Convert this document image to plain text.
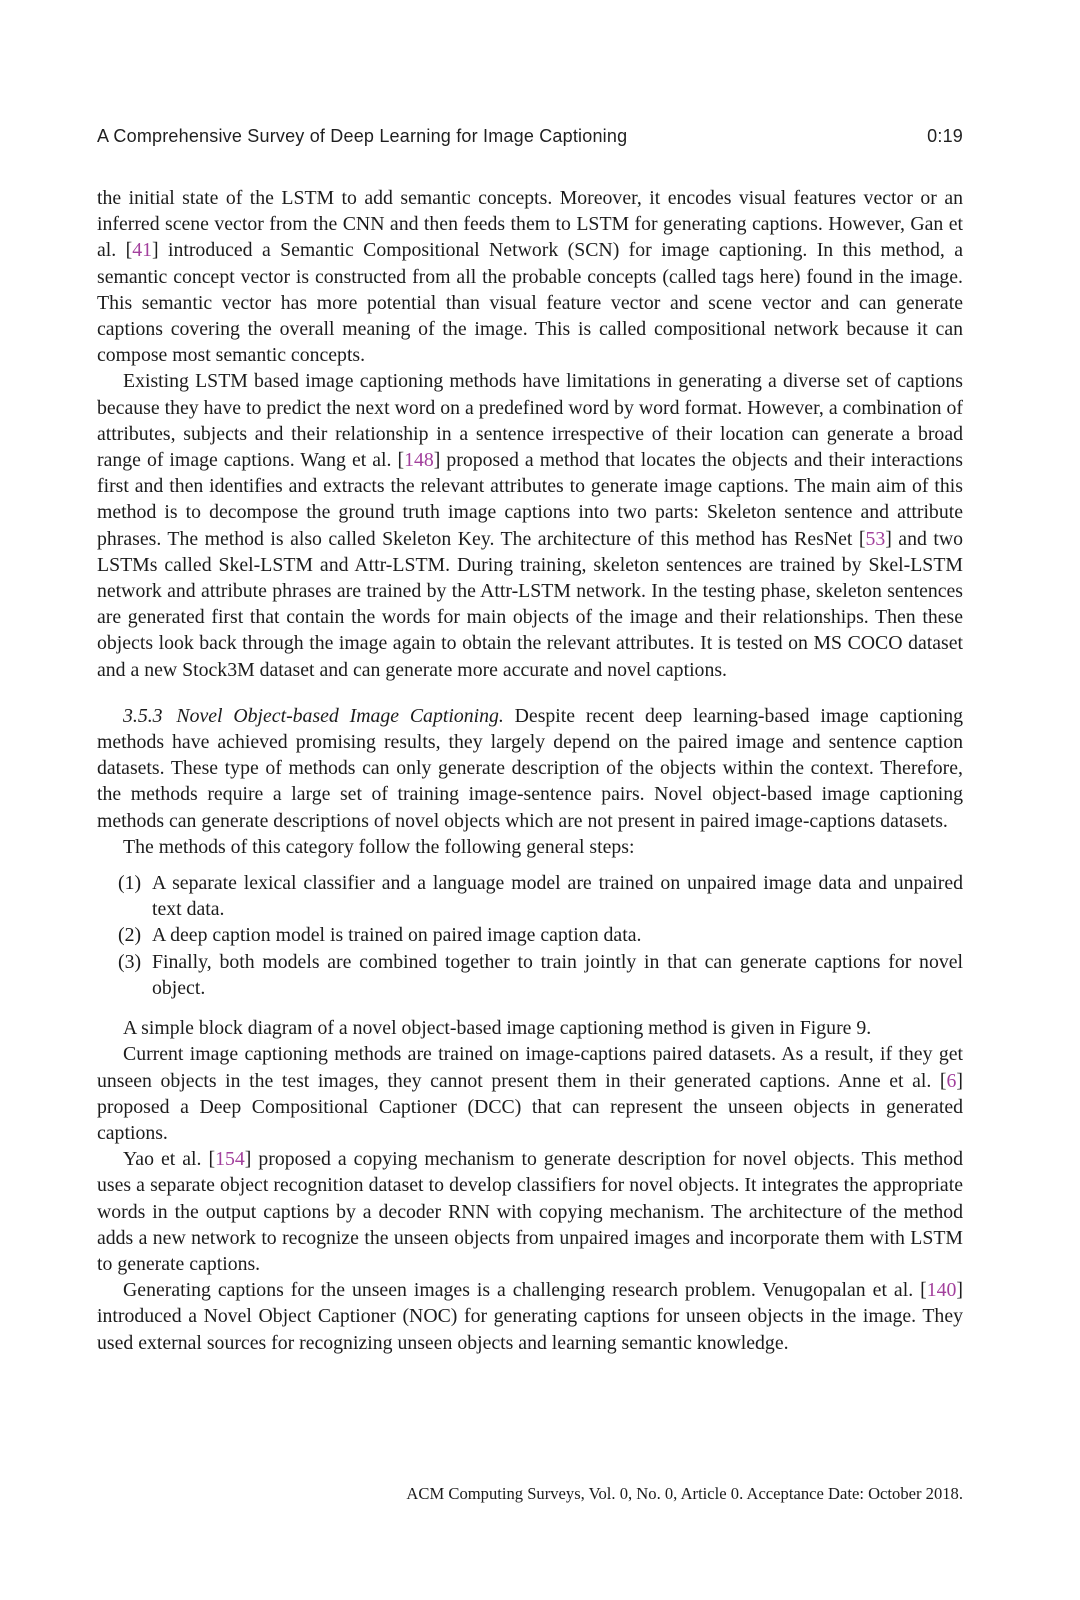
A Comprehensive Survey of Deep Learning for Image Captioning	0:19

the initial state of the LSTM to add semantic concepts. Moreover, it encodes visual features vector or an inferred scene vector from the CNN and then feeds them to LSTM for generating captions. However, Gan et al. [41] introduced a Semantic Compositional Network (SCN) for image captioning. In this method, a semantic concept vector is constructed from all the probable concepts (called tags here) found in the image. This semantic vector has more potential than visual feature vector and scene vector and can generate captions covering the overall meaning of the image. This is called compositional network because it can compose most semantic concepts.

Existing LSTM based image captioning methods have limitations in generating a diverse set of captions because they have to predict the next word on a predefined word by word format. However, a combination of attributes, subjects and their relationship in a sentence irrespective of their location can generate a broad range of image captions. Wang et al. [148] proposed a method that locates the objects and their interactions first and then identifies and extracts the relevant attributes to generate image captions. The main aim of this method is to decompose the ground truth image captions into two parts: Skeleton sentence and attribute phrases. The method is also called Skeleton Key. The architecture of this method has ResNet [53] and two LSTMs called Skel-LSTM and Attr-LSTM. During training, skeleton sentences are trained by Skel-LSTM network and attribute phrases are trained by the Attr-LSTM network. In the testing phase, skeleton sentences are generated first that contain the words for main objects of the image and their relationships. Then these objects look back through the image again to obtain the relevant attributes. It is tested on MS COCO dataset and a new Stock3M dataset and can generate more accurate and novel captions.

3.5.3  Novel Object-based Image Captioning. Despite recent deep learning-based image captioning methods have achieved promising results, they largely depend on the paired image and sentence caption datasets. These type of methods can only generate description of the objects within the context. Therefore, the methods require a large set of training image-sentence pairs. Novel object-based image captioning methods can generate descriptions of novel objects which are not present in paired image-captions datasets.

The methods of this category follow the following general steps:

(1) A separate lexical classifier and a language model are trained on unpaired image data and unpaired text data.
(2) A deep caption model is trained on paired image caption data.
(3) Finally, both models are combined together to train jointly in that can generate captions for novel object.

A simple block diagram of a novel object-based image captioning method is given in Figure 9.

Current image captioning methods are trained on image-captions paired datasets. As a result, if they get unseen objects in the test images, they cannot present them in their generated captions. Anne et al. [6] proposed a Deep Compositional Captioner (DCC) that can represent the unseen objects in generated captions.

Yao et al. [154] proposed a copying mechanism to generate description for novel objects. This method uses a separate object recognition dataset to develop classifiers for novel objects. It integrates the appropriate words in the output captions by a decoder RNN with copying mechanism. The architecture of the method adds a new network to recognize the unseen objects from unpaired images and incorporate them with LSTM to generate captions.

Generating captions for the unseen images is a challenging research problem. Venugopalan et al. [140] introduced a Novel Object Captioner (NOC) for generating captions for unseen objects in the image. They used external sources for recognizing unseen objects and learning semantic knowledge.

ACM Computing Surveys, Vol. 0, No. 0, Article 0. Acceptance Date: October 2018.
